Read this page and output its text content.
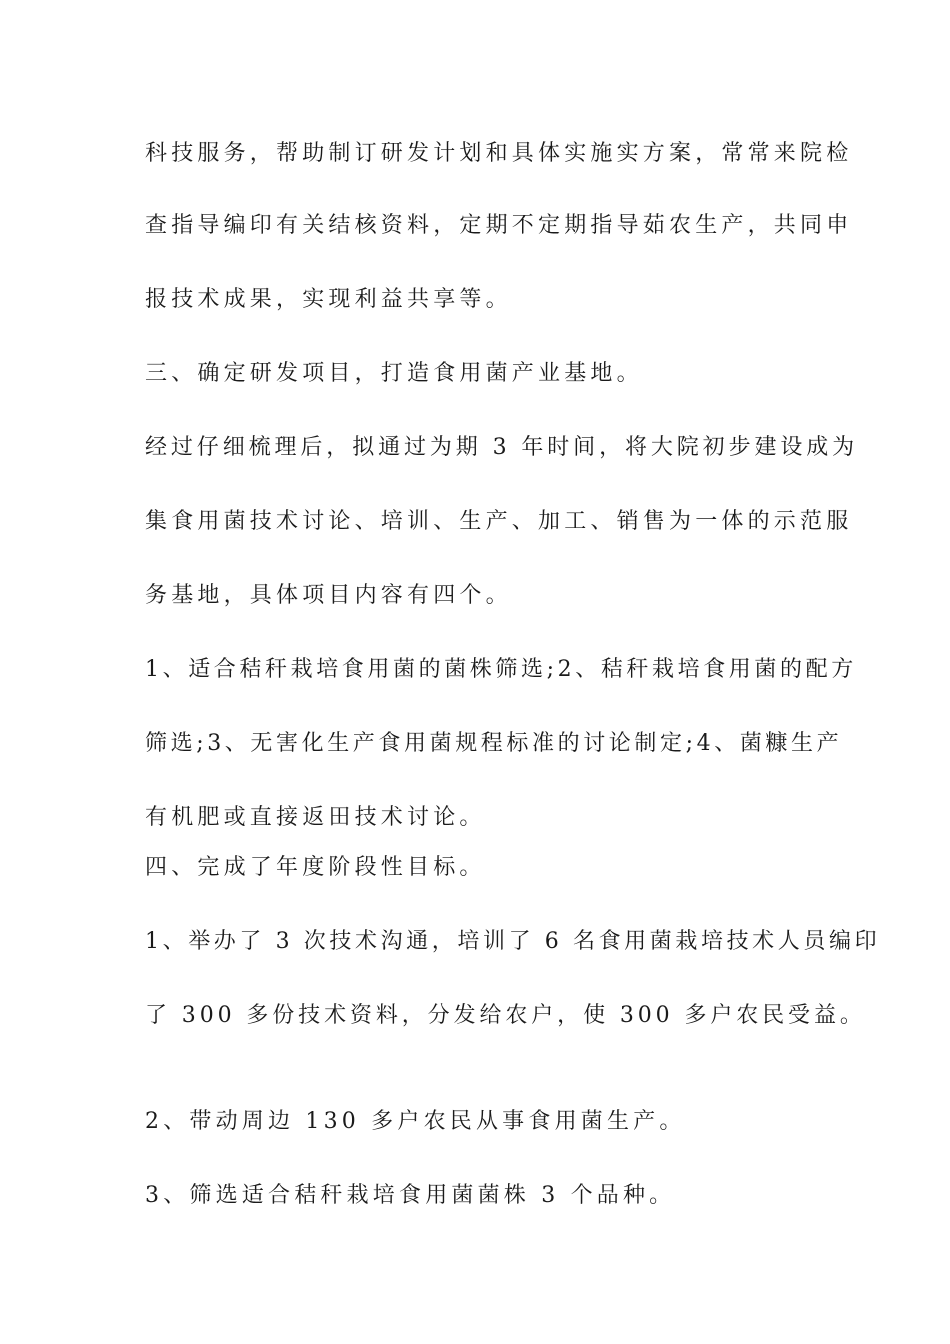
科技服务，帮助制订研发计划和具体实施实方案，常常来院检
查指导编印有关结核资料，定期不定期指导茹农生产，共同申
报技术成果，实现利益共享等。
三、确定研发项目，打造食用菌产业基地。
经过仔细梳理后，拟通过为期 3 年时间，将大院初步建设成为
集食用菌技术讨论、培训、生产、加工、销售为一体的示范服
务基地，具体项目内容有四个。
1、适合秸秆栽培食用菌的菌株筛选;2、秸秆栽培食用菌的配方
筛选;3、无害化生产食用菌规程标准的讨论制定;4、菌糠生产
有机肥或直接返田技术讨论。
四、完成了年度阶段性目标。
1、举办了 3 次技术沟通，培训了 6 名食用菌栽培技术人员编印
了 300 多份技术资料，分发给农户，使 300 多户农民受益。
2、带动周边 130 多户农民从事食用菌生产。
3、筛选适合秸秆栽培食用菌菌株 3 个品种。
